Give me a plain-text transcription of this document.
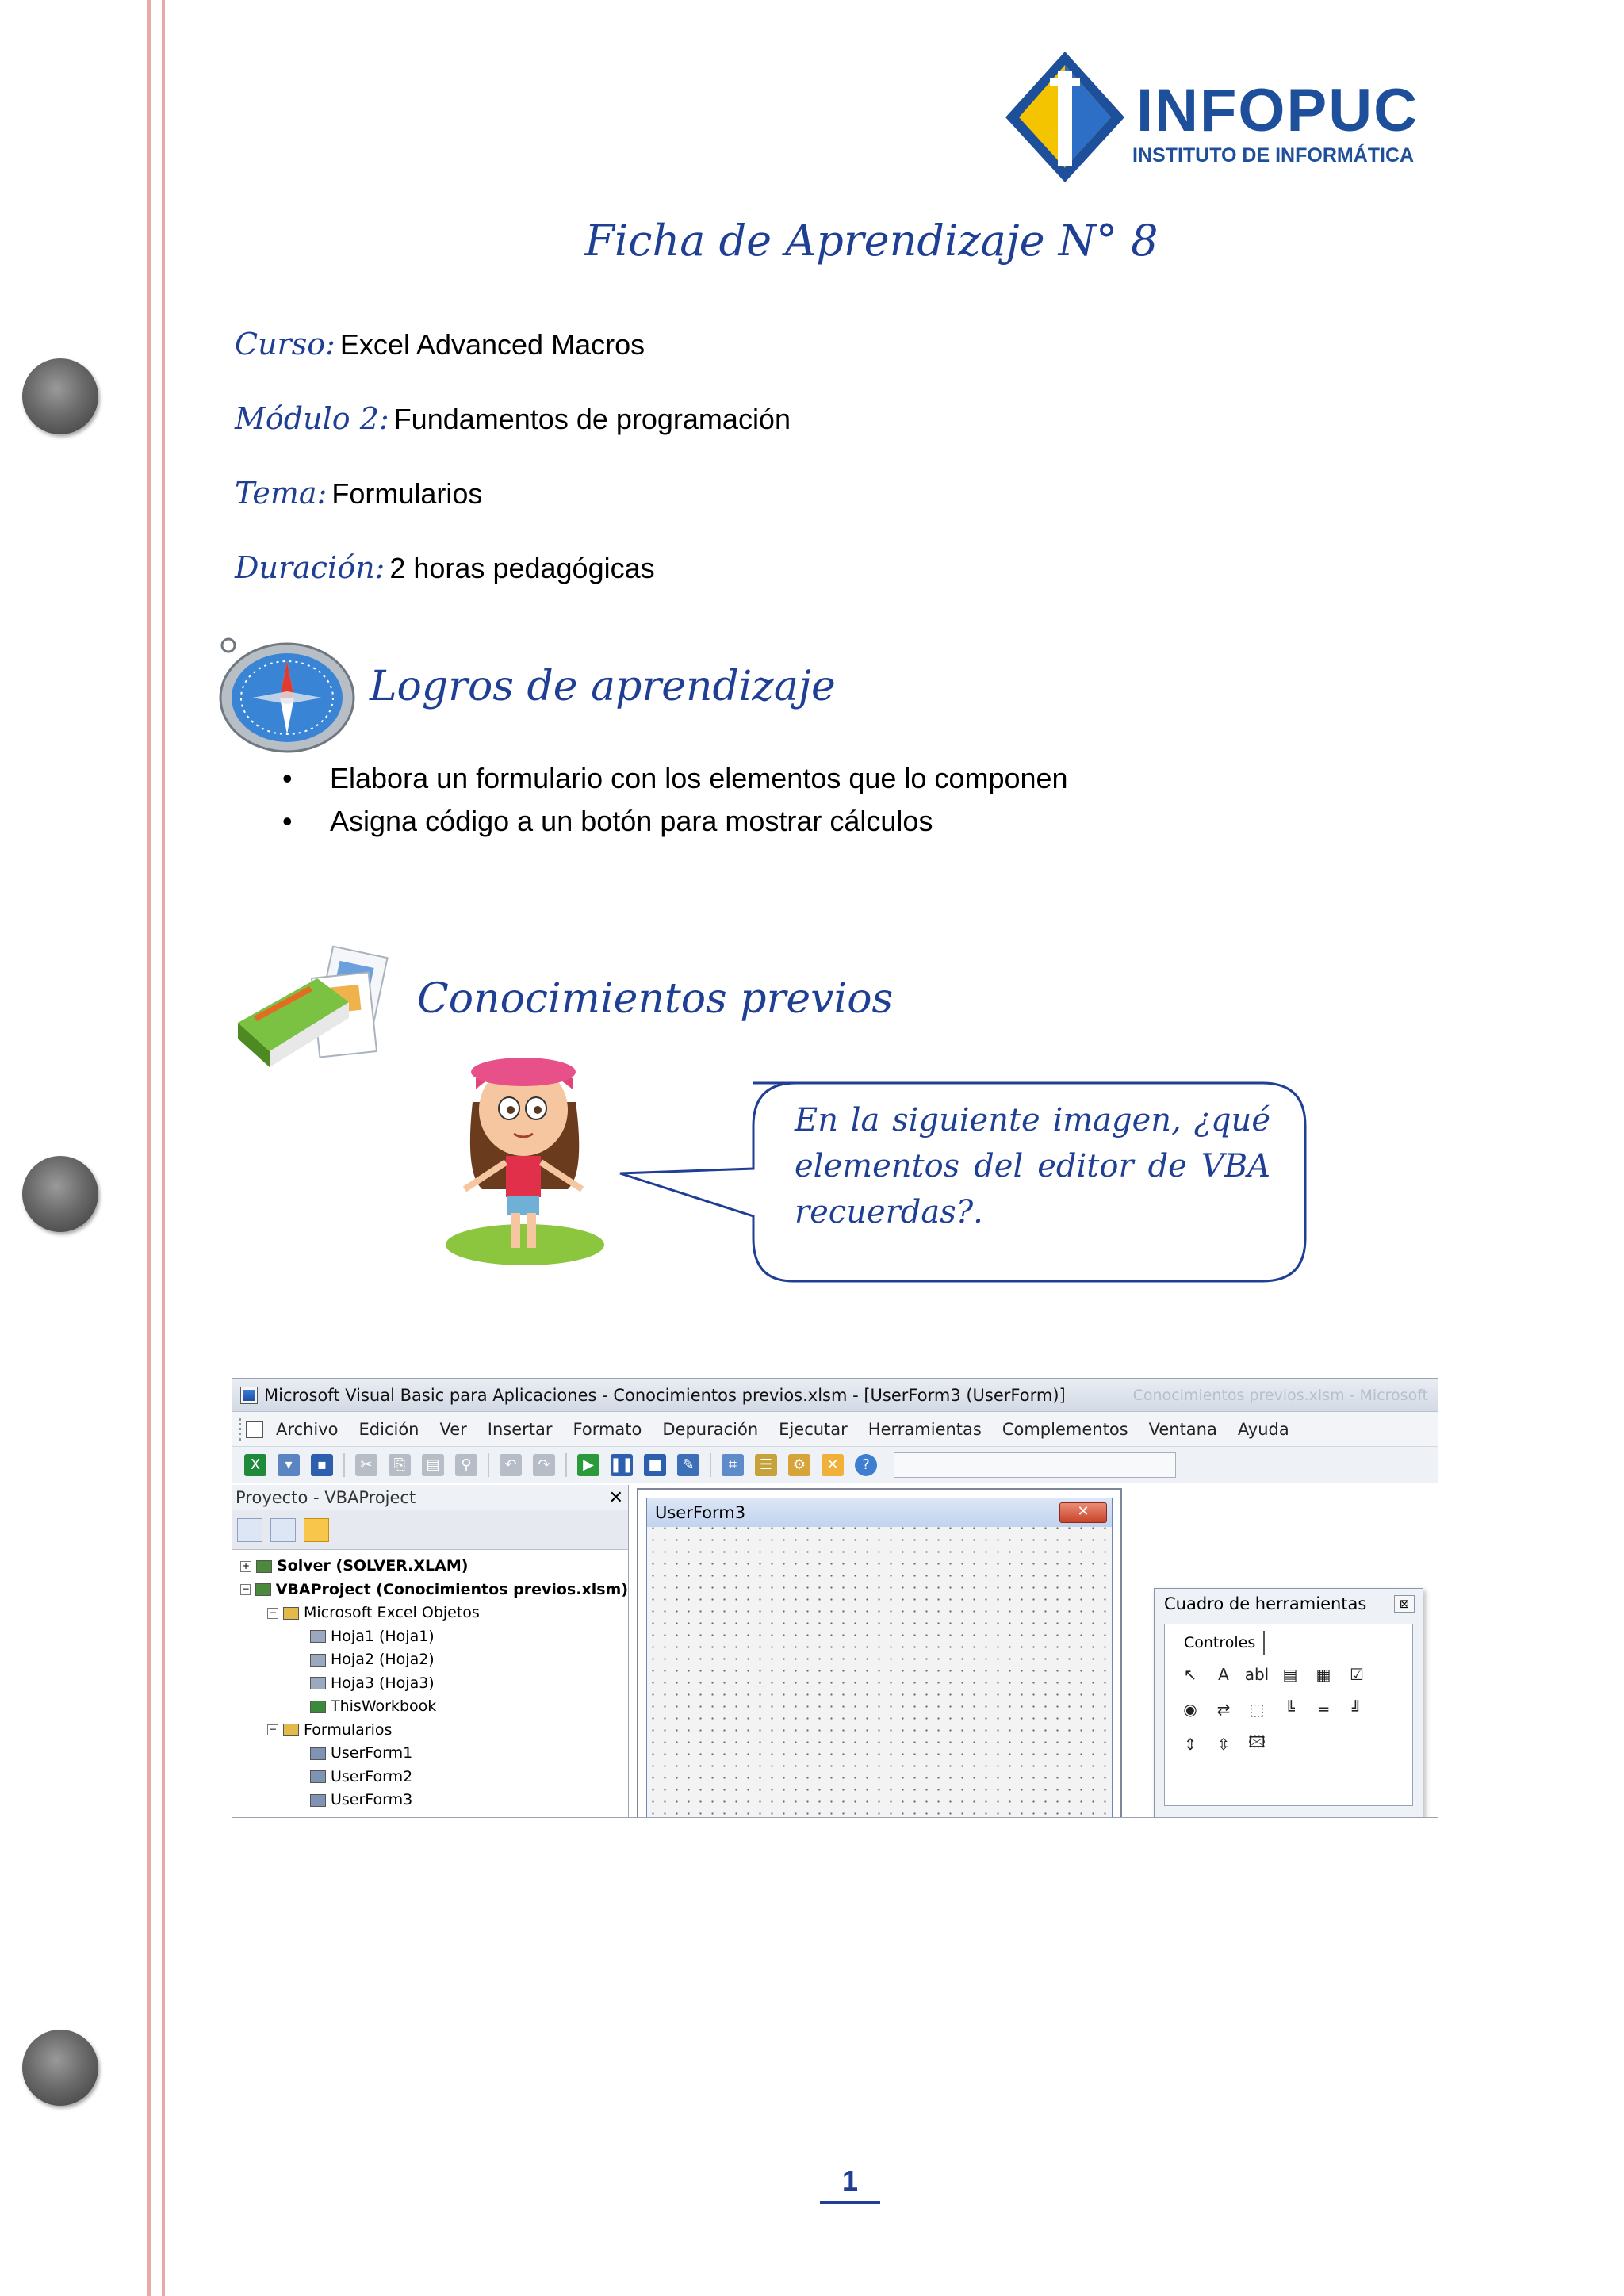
INFOPUC
INSTITUTO DE INFORMÁTICA
Ficha de Aprendizaje N° 8
Curso: Excel Advanced Macros
Módulo 2: Fundamentos de programación
Tema: Formularios
Duración: 2 horas pedagógicas
Logros de aprendizaje
• Elabora un formulario con los elementos que lo componen
• Asigna código a un botón para mostrar cálculos
Conocimientos previos
En la siguiente imagen, ¿qué elementos del editor de VBA recuerdas?.
Microsoft Visual Basic para Aplicaciones - Conocimientos previos.xlsm - [UserForm3 (UserForm)]	Conocimientos previos.xlsm - Microsoft
Archivo Edición Ver Insertar Formato Depuración Ejecutar Herramientas Complementos Ventana Ayuda
X	▾	▪	✂	⎘	▤	⚲	↶	↷	▶	❚❚	■	✎	⌗	☰	⚙	✕	?
Proyecto - VBAProject	✕
+ Solver (SOLVER.XLAM)
− VBAProject (Conocimientos previos.xlsm)
− Microsoft Excel Objetos
Hoja1 (Hoja1)
Hoja2 (Hoja2)
Hoja3 (Hoja3)
ThisWorkbook
− Formularios
UserForm1
UserForm2
UserForm3
UserForm3	✕
Cuadro de herramientas	⊠
Controles
↖	A abl ▤	▦	☑
◉	⇄	⬚	╚	═	╝
⇕	⇳	🖾
1
